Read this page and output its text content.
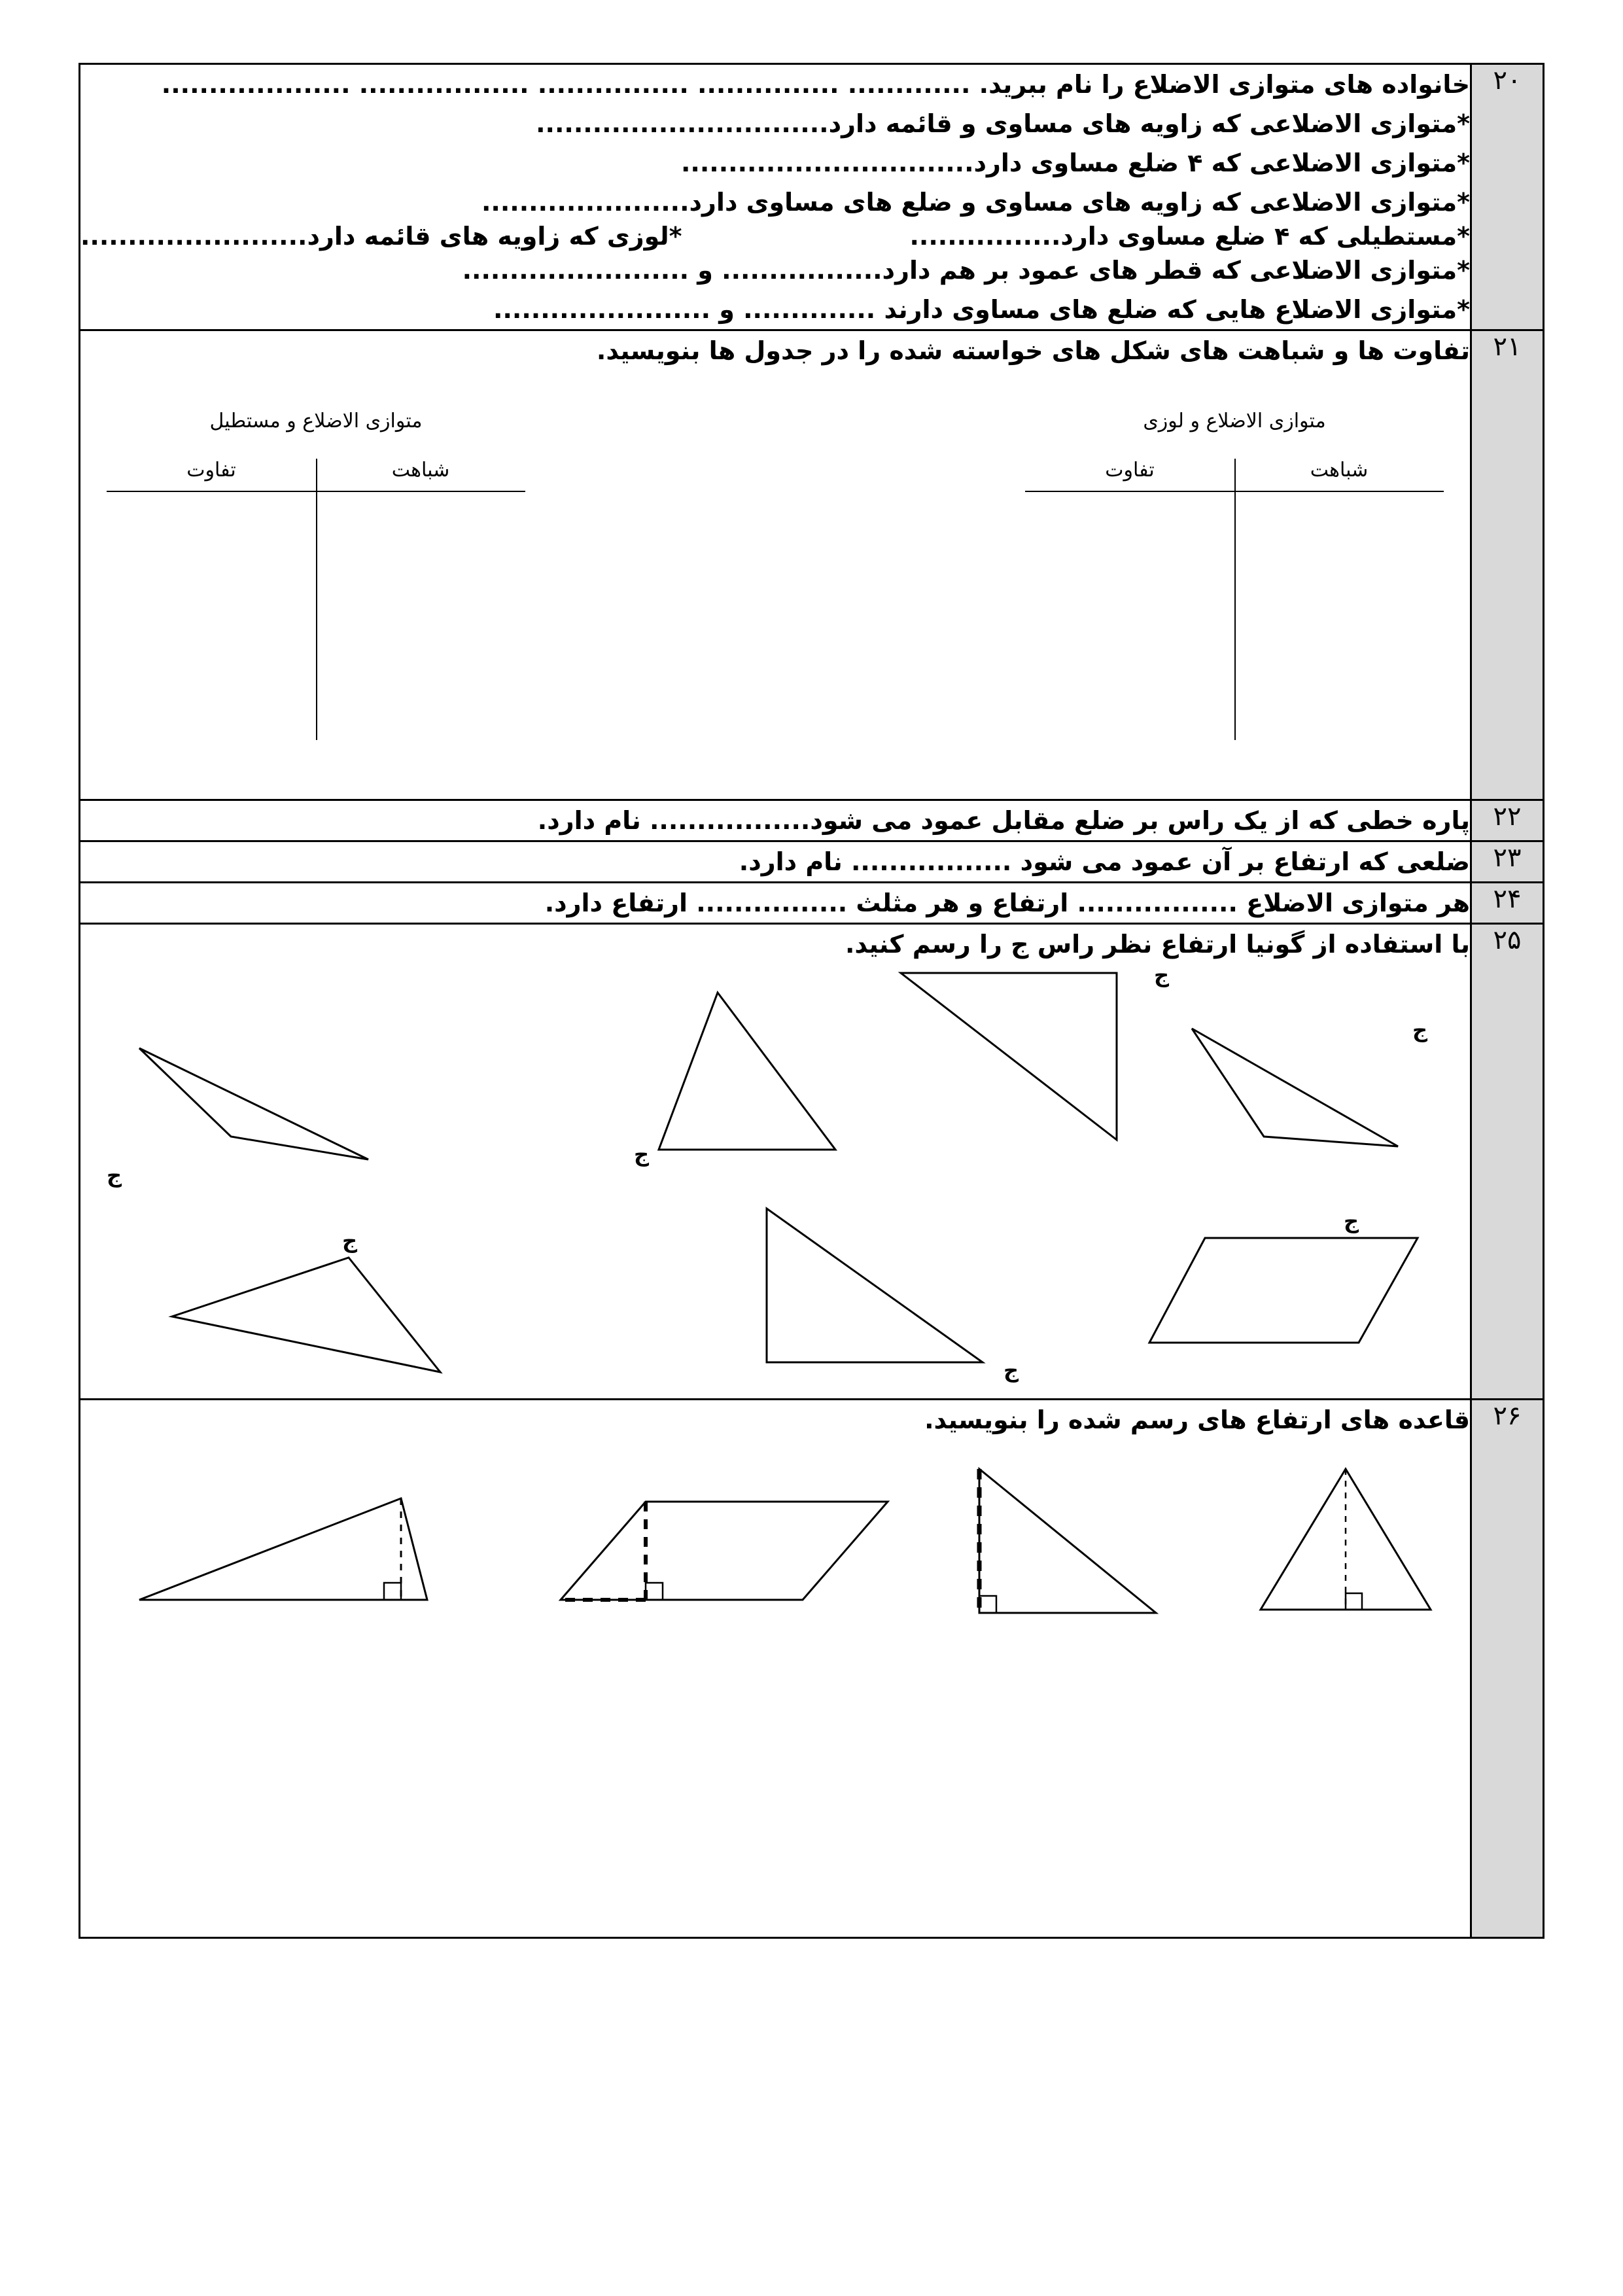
۲۰	
خانواده های متوازی الاضلاع را نام ببرید. ............. ............... ................ .................. ....................
*متوازی الاضلاعی که زاویه های مساوی و قائمه دارد...............................
*متوازی الاضلاعی که ۴ ضلع مساوی دارد...............................
*متوازی الاضلاعی که زاویه های مساوی و ضلع های مساوی دارد......................
*مستطیلی که ۴ ضلع مساوی دارد................
*لوزی که زاویه های قائمه دارد........................
*متوازی الاضلاعی که قطر های عمود بر هم دارد................. و ........................
*متوازی الاضلاع هایی که ضلع های مساوی دارند .............. و .......................

۲۱	
تفاوت ها و شباهت های شکل های خواسته شده را در جدول ها بنویسید.
متوازی الاضلاع و لوزی
شباهت
تفاوت
متوازی الاضلاع و مستطیل
شباهت
تفاوت

۲۲	پاره خطی که از یک راس بر ضلع مقابل عمود می شود................. نام دارد.

۲۳	ضلعی که ارتفاع بر آن عمود می شود ................. نام دارد.

۲۴	هر متوازی الاضلاع ................. ارتفاع و هر مثلث ................ ارتفاع دارد.

۲۵	
با استفاده از گونیا ارتفاع نظر راس ج را رسم کنید.
ج
ج
ج
ج
ج
ج
ج

۲۶	قاعده های ارتفاع های رسم شده را بنویسید.
